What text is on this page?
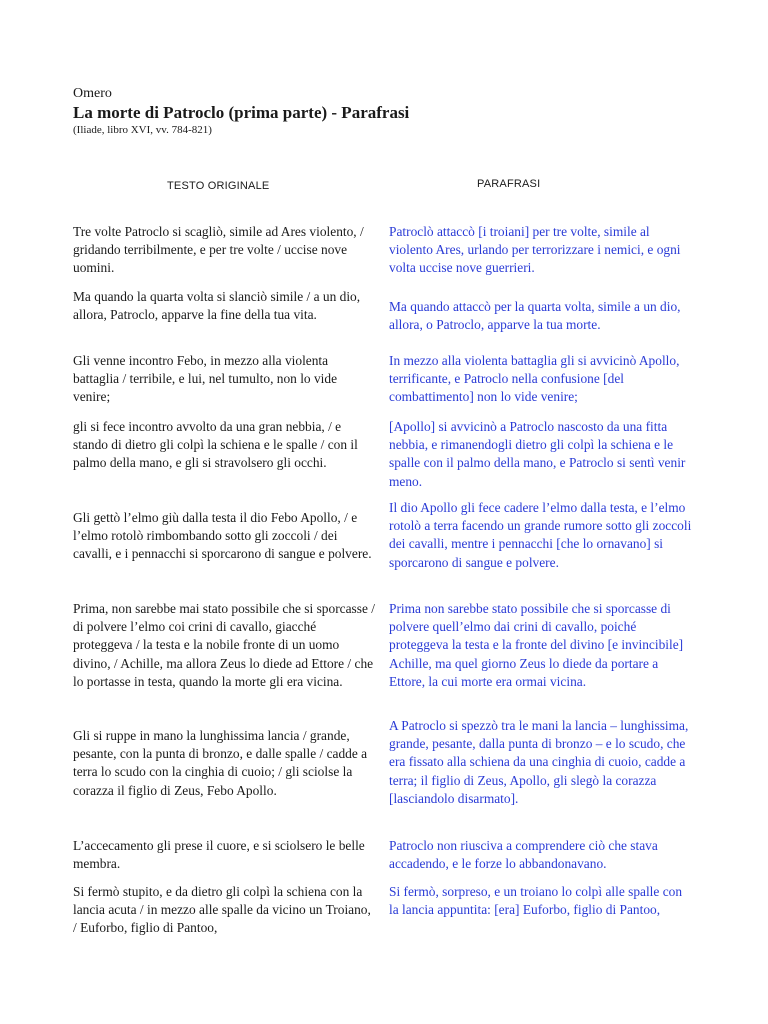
Omero
La morte di Patroclo (prima parte) - Parafrasi
(Iliade, libro XVI, vv. 784-821)
TESTO ORIGINALE	PARAFRASI
Tre volte Patroclo si scagliò, simile ad Ares violento, / gridando terribilmente, e per tre volte / uccise nove uomini.
Patroclò attaccò [i troiani] per tre volte, simile al violento Ares, urlando per terrorizzare i nemici, e ogni volta uccise nove guerrieri.
Ma quando la quarta volta si slanciò simile / a un dio, allora, Patroclo, apparve la fine della tua vita.
Ma quando attaccò per la quarta volta, simile a un dio, allora, o Patroclo, apparve la tua morte.
Gli venne incontro Febo, in mezzo alla violenta battaglia / terribile, e lui, nel tumulto, non lo vide venire;
In mezzo alla violenta battaglia gli si avvicinò Apollo, terrificante, e Patroclo nella confusione [del combattimento] non lo vide venire;
gli si fece incontro avvolto da una gran nebbia, / e stando di dietro gli colpì la schiena e le spalle / con il palmo della mano, e gli si stravolsero gli occhi.
[Apollo] si avvicinò a Patroclo nascosto da una fitta nebbia, e rimanendogli dietro gli colpì la schiena e le spalle con il palmo della mano, e Patroclo si sentì venir meno.
Gli gettò l’elmo giù dalla testa il dio Febo Apollo, / e l’elmo rotolò rimbombando sotto gli zoccoli / dei cavalli, e i pennacchi si sporcarono di sangue e polvere.
Il dio Apollo gli fece cadere l’elmo dalla testa, e l’elmo rotolò a terra facendo un grande rumore sotto gli zoccoli dei cavalli, mentre i pennacchi [che lo ornavano] si sporcarono di sangue e polvere.
Prima, non sarebbe mai stato possibile che si sporcasse / di polvere l’elmo coi crini di cavallo, giacché proteggeva / la testa e la nobile fronte di un uomo divino, / Achille, ma allora Zeus lo diede ad Ettore / che lo portasse in testa, quando la morte gli era vicina.
Prima non sarebbe stato possibile che si sporcasse di polvere quell’elmo dai crini di cavallo, poiché proteggeva la testa e la fronte del divino [e invincibile] Achille, ma quel giorno Zeus lo diede da portare a Ettore, la cui morte era ormai vicina.
Gli si ruppe in mano la lunghissima lancia / grande, pesante, con la punta di bronzo, e dalle spalle / cadde a terra lo scudo con la cinghia di cuoio; / gli sciolse la corazza il figlio di Zeus, Febo Apollo.
A Patroclo si spezzò tra le mani la lancia – lunghissima, grande, pesante, dalla punta di bronzo – e lo scudo, che era fissato alla schiena da una cinghia di cuoio, cadde a terra; il figlio di Zeus, Apollo, gli slegò la corazza [lasciandolo disarmato].
L’accecamento gli prese il cuore, e si sciolsero le belle membra.
Patroclo non riusciva a comprendere ciò che stava accadendo, e le forze lo abbandonavano.
Si fermò stupito, e da dietro gli colpì la schiena con la lancia acuta / in mezzo alle spalle da vicino un Troiano, / Euforbo, figlio di Pantoo,
Si fermò, sorpreso, e un troiano lo colpì alle spalle con la lancia appuntita: [era] Euforbo, figlio di Pantoo,
